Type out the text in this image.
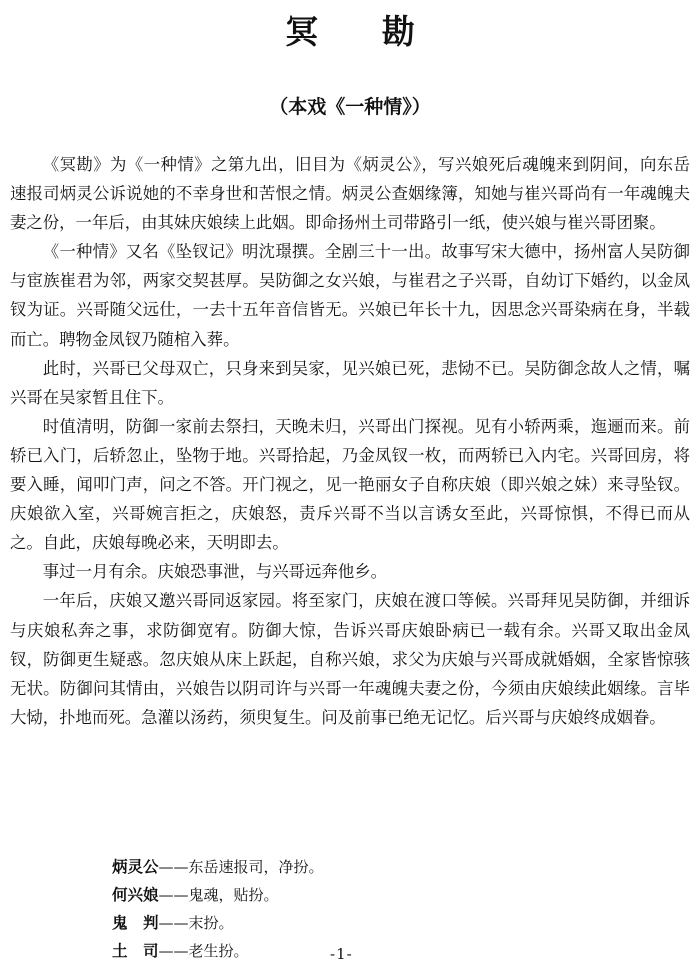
冥 勘
（本戏《一种情》）

《冥勘》为《一种情》之第九出，旧目为《炳灵公》，写兴娘死后魂魄来到阴间，向东岳速报司炳灵公诉说她的不幸身世和苦恨之情。炳灵公查姻缘簿，知她与崔兴哥尚有一年魂魄夫妻之份，一年后，由其妹庆娘续上此姻。即命扬州土司带路引一纸，使兴娘与崔兴哥团聚。

《一种情》又名《坠钗记》明沈璟撰。全剧三十一出。故事写宋大德中，扬州富人吴防御与宦族崔君为邻，两家交契甚厚。吴防御之女兴娘，与崔君之子兴哥，自幼订下婚约，以金凤钗为证。兴哥随父远仕，一去十五年音信皆无。兴娘已年长十九，因思念兴哥染病在身，半载而亡。聘物金凤钗乃随棺入葬。

此时，兴哥已父母双亡，只身来到吴家，见兴娘已死，悲恸不已。吴防御念故人之情，嘱兴哥在吴家暂且住下。

时值清明，防御一家前去祭扫，天晚未归，兴哥出门探视。见有小轿两乘，迤逦而来。前轿已入门，后轿忽止，坠物于地。兴哥拾起，乃金凤钗一枚，而两轿已入内宅。兴哥回房，将要入睡，闻叩门声，问之不答。开门视之，见一艳丽女子自称庆娘（即兴娘之妹）来寻坠钗。庆娘欲入室，兴哥婉言拒之，庆娘怒，责斥兴哥不当以言诱女至此，兴哥惊惧，不得已而从之。自此，庆娘每晚必来，天明即去。

事过一月有余。庆娘恐事泄，与兴哥远奔他乡。

一年后，庆娘又邀兴哥同返家园。将至家门，庆娘在渡口等候。兴哥拜见吴防御，并细诉与庆娘私奔之事，求防御宽宥。防御大惊，告诉兴哥庆娘卧病已一载有余。兴哥又取出金凤钗，防御更生疑惑。忽庆娘从床上跃起，自称兴娘，求父为庆娘与兴哥成就婚姻，全家皆惊骇无状。防御问其情由，兴娘告以阴司许与兴哥一年魂魄夫妻之份，今须由庆娘续此姻缘。言毕大恸，扑地而死。急灌以汤药，须臾复生。问及前事已绝无记忆。后兴哥与庆娘终成姻眷。

炳灵公——东岳速报司，净扮。
何兴娘——鬼魂，贴扮。
鬼　判——末扮。
土　司——老生扮。	-1-
